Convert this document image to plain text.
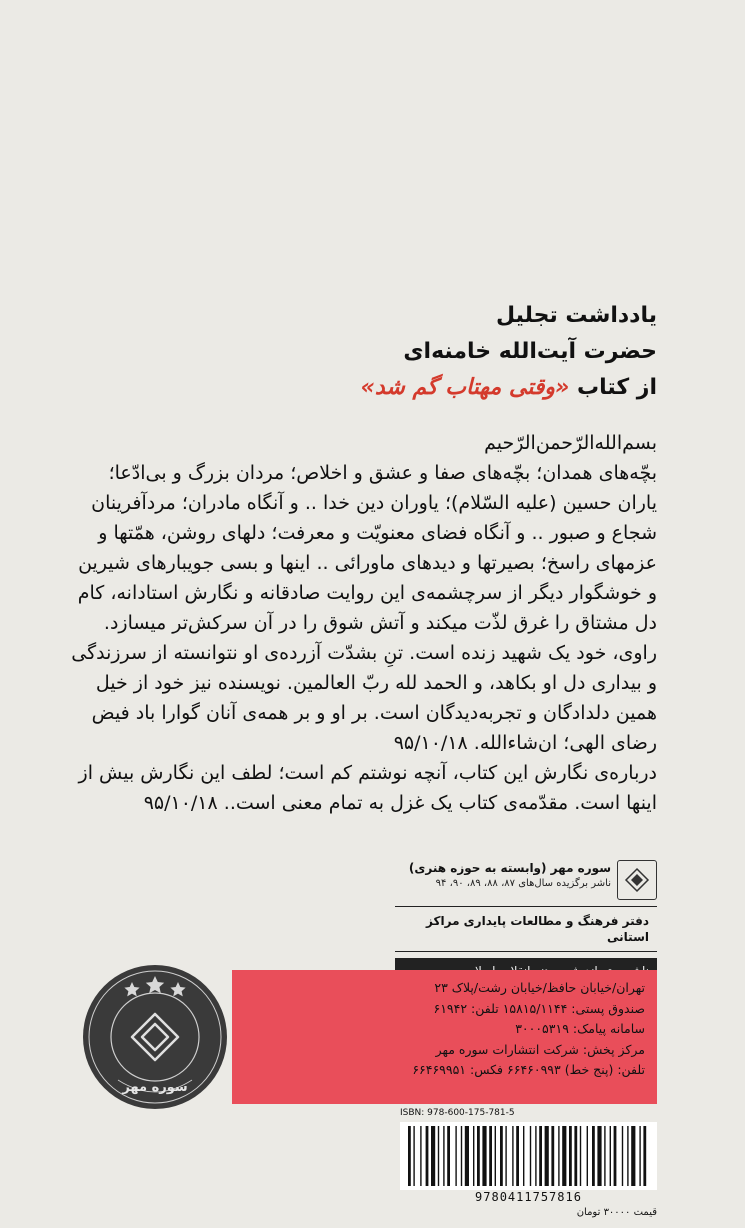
یادداشت تجلیل
حضرت آیت‌الله خامنه‌ای
از کتاب «وقتی مهتاب گم شد»

بسم‌الله‌الرّحمن‌الرّحیم
بچّه‌های همدان؛ بچّه‌های صفا و عشق و اخلاص؛ مردان بزرگ و بی‌ادّعا؛
یاران حسین (علیه السّلام)؛ یاوران دین خدا .. و آنگاه مادران؛ مردآفرینان
شجاع و صبور .. و آنگاه فضای معنویّت و معرفت؛ دلهای روشن، همّتها و
عزمهای راسخ؛ بصیرتها و دیدهای ماورائی .. اینها و بسی جویبارهای شیرین
و خوشگوار دیگر از سرچشمه‌ی این روایت صادقانه و نگارش استادانه، کام
دل مشتاق را غرق لذّت میکند و آتش شوق را در آن سرکش‌تر میسازد.

راوی، خود یک شهید زنده است. تنِ بشدّت آزرده‌ی او نتوانسته از سرزندگی
و بیداری دل او بکاهد، و الحمد لله ربّ العالمین. نویسنده نیز خود از خیل
همین دلدادگان و تجربه‌دیدگان است. بر او و بر همه‌ی آنان گوارا باد فیض
رضای الهی؛ ان‌شاءالله. ۹۵/۱۰/۱۸

درباره‌ی نگارش این کتاب، آنچه نوشتم کم است؛ لطف این نگارش بیش از
اینها است. مقدّمه‌ی کتاب یک غزل به تمام معنی است.. ۹۵/۱۰/۱۸

سوره مهر (وابسته به حوزه هنری)
ناشر برگزیده سال‌های ۸۷، ۸۸، ۸۹، ۹۰، ۹۴
دفتر فرهنگ و مطالعات پایداری مراکز استانی
سوره مهر
تهران/خیابان حافظ/خیابان رشت/پلاک ۲۳
صندوق پستی: ۱۵۸۱۵/۱۱۴۴ تلفن: ۶۱۹۴۲
سامانه پیامک: ۳۰۰۰۵۳۱۹
مرکز پخش: شرکت انتشارات سوره مهر
تلفن: (پنج خط) ۶۶۴۶۰۹۹۳ فکس: ۶۶۴۶۹۹۵۱
ISBN: 978-600-175-781-5
9780411757816
قیمت ۳۰۰۰۰ تومان
